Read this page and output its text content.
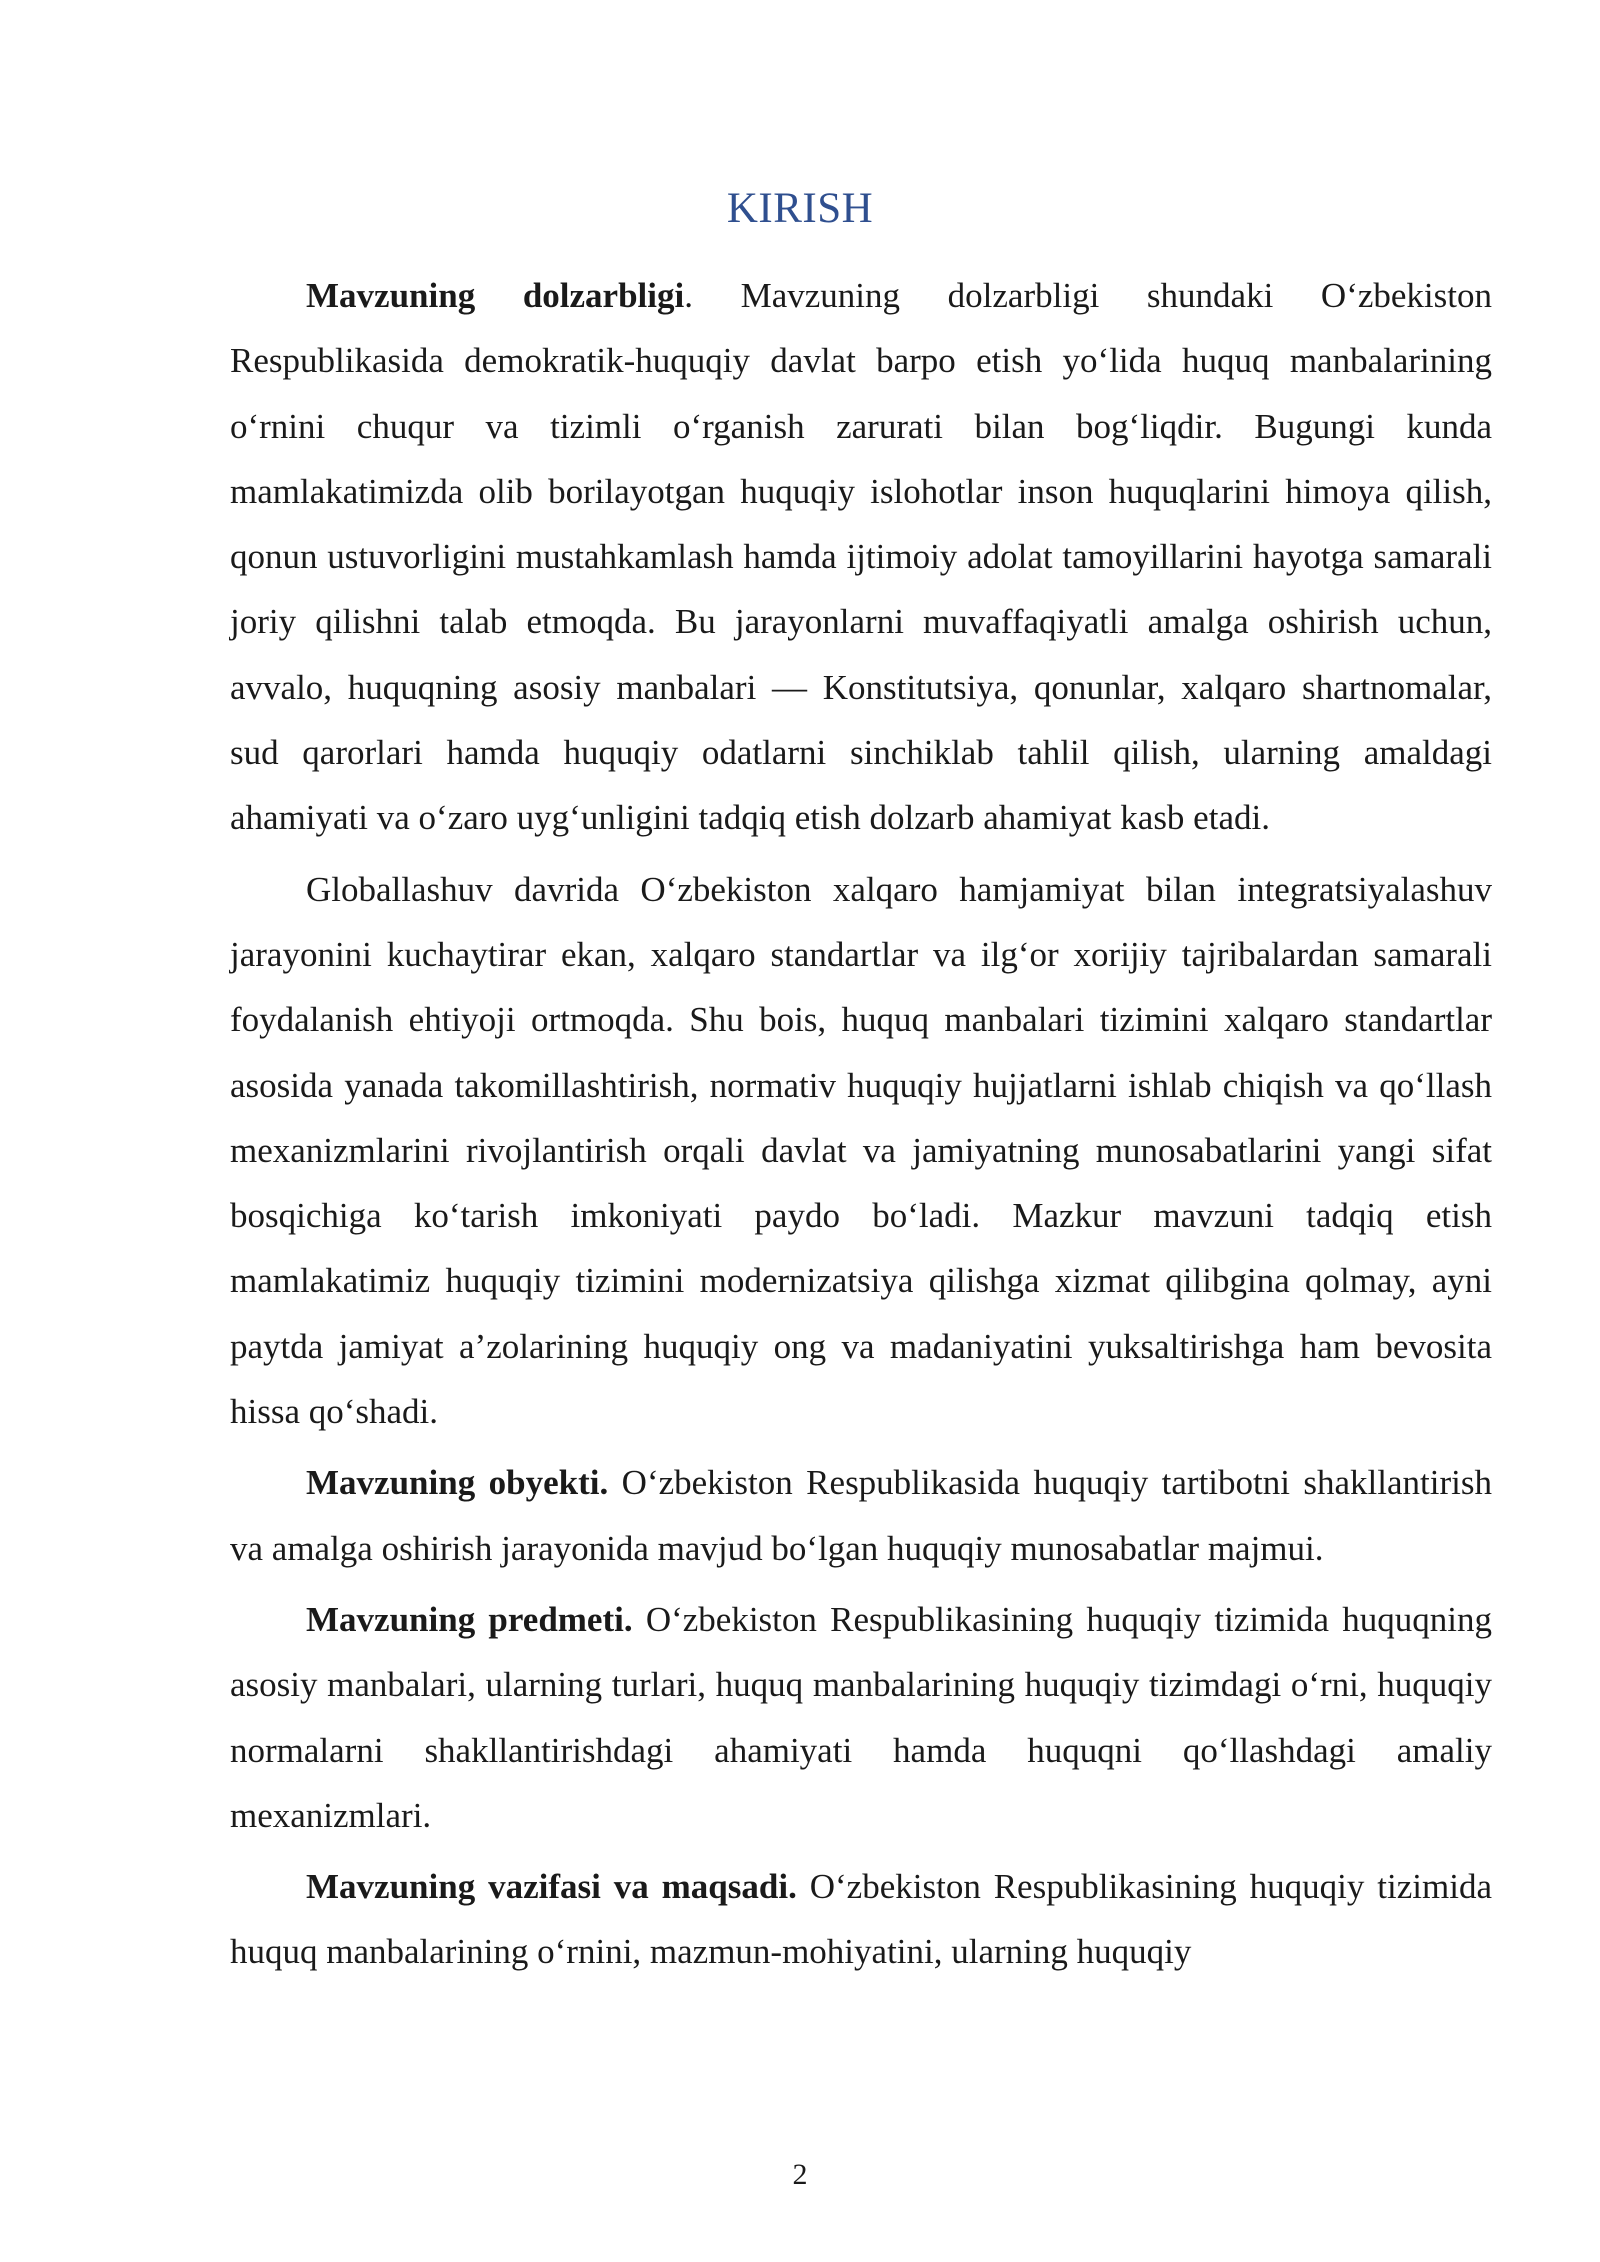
KIRISH

Mavzuning dolzarbligi. Mavzuning dolzarbligi shundaki O‘zbekiston Respublikasida demokratik-huquqiy davlat barpo etish yo‘lida huquq manbalarining o‘rnini chuqur va tizimli o‘rganish zarurati bilan bog‘liqdir. Bugungi kunda mamlakatimizda olib borilayotgan huquqiy islohotlar inson huquqlarini himoya qilish, qonun ustuvorligini mustahkamlash hamda ijtimoiy adolat tamoyillarini hayotga samarali joriy qilishni talab etmoqda. Bu jarayonlarni muvaffaqiyatli amalga oshirish uchun, avvalo, huquqning asosiy manbalari — Konstitutsiya, qonunlar, xalqaro shartnomalar, sud qarorlari hamda huquqiy odatlarni sinchiklab tahlil qilish, ularning amaldagi ahamiyati va o‘zaro uyg‘unligini tadqiq etish dolzarb ahamiyat kasb etadi.

Globallashuv davrida O‘zbekiston xalqaro hamjamiyat bilan integratsiyalashuv jarayonini kuchaytirar ekan, xalqaro standartlar va ilg‘or xorijiy tajribalardan samarali foydalanish ehtiyoji ortmoqda. Shu bois, huquq manbalari tizimini xalqaro standartlar asosida yanada takomillashtirish, normativ huquqiy hujjatlarni ishlab chiqish va qo‘llash mexanizmlarini rivojlantirish orqali davlat va jamiyatning munosabatlarini yangi sifat bosqichiga ko‘tarish imkoniyati paydo bo‘ladi. Mazkur mavzuni tadqiq etish mamlakatimiz huquqiy tizimini modernizatsiya qilishga xizmat qilibgina qolmay, ayni paytda jamiyat a’zolarining huquqiy ong va madaniyatini yuksaltirishga ham bevosita hissa qo‘shadi.

Mavzuning obyekti. O‘zbekiston Respublikasida huquqiy tartibotni shakllantirish va amalga oshirish jarayonida mavjud bo‘lgan huquqiy munosabatlar majmui.

Mavzuning predmeti. O‘zbekiston Respublikasining huquqiy tizimida huquqning asosiy manbalari, ularning turlari, huquq manbalarining huquqiy tizimdagi o‘rni, huquqiy normalarni shakllantirishdagi ahamiyati hamda huquqni qo‘llashdagi amaliy mexanizmlari.

Mavzuning vazifasi va maqsadi. O‘zbekiston Respublikasining huquqiy tizimida huquq manbalarining o‘rnini, mazmun-mohiyatini, ularning huquqiy

2
